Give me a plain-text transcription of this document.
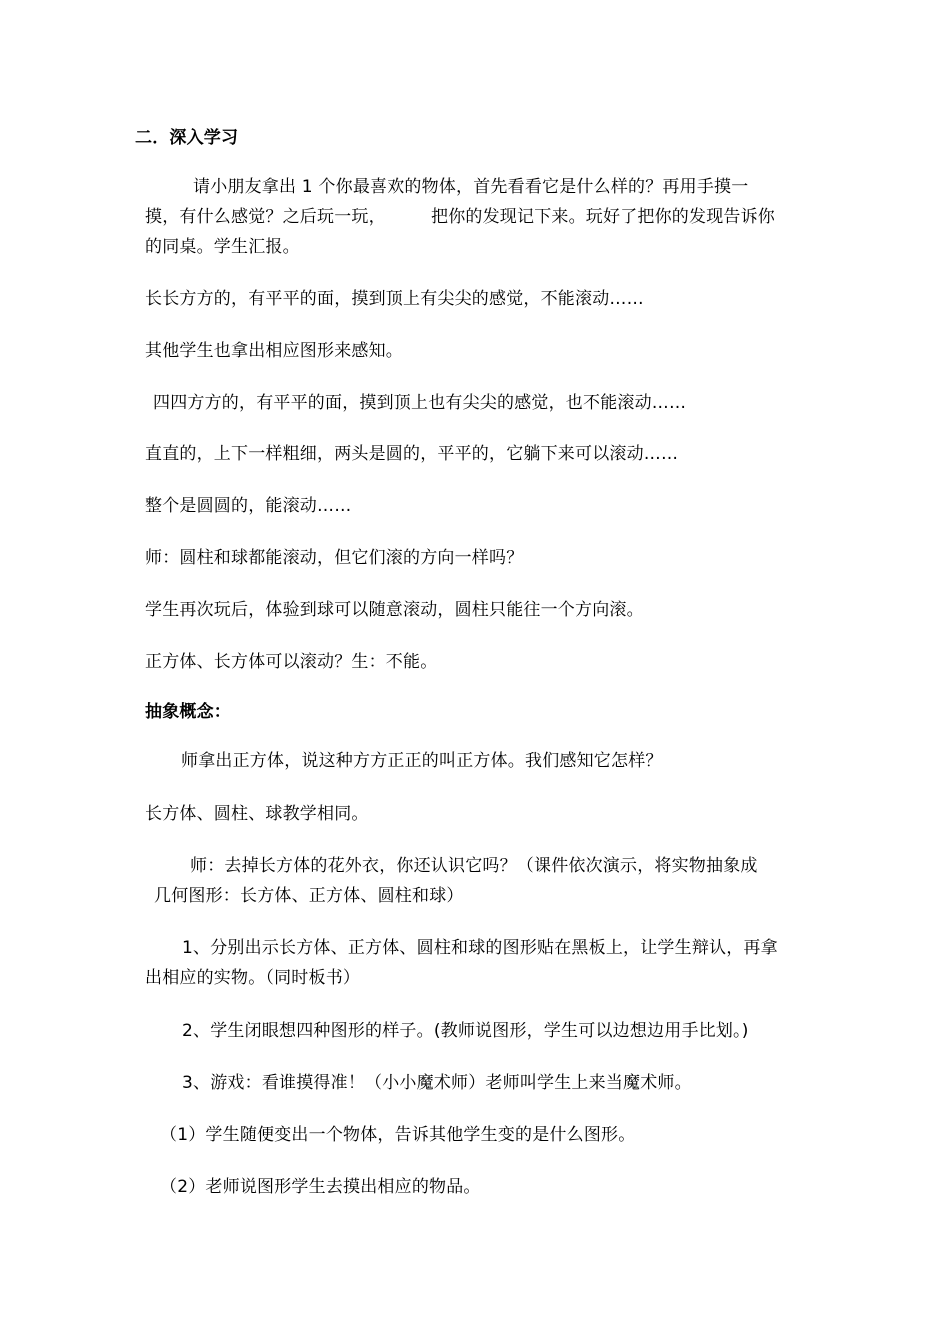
二．深入学习
请小朋友拿出 1 个你最喜欢的物体，首先看看它是什么样的？再用手摸一
摸，有什么感觉？之后玩一玩，	把你的发现记下来。玩好了把你的发现告诉你
的同桌。学生汇报。
长长方方的，有平平的面，摸到顶上有尖尖的感觉，不能滚动……
其他学生也拿出相应图形来感知。
四四方方的，有平平的面，摸到顶上也有尖尖的感觉，也不能滚动……
直直的，上下一样粗细，两头是圆的，平平的，它躺下来可以滚动……
整个是圆圆的，能滚动……
师：圆柱和球都能滚动，但它们滚的方向一样吗？
学生再次玩后，体验到球可以随意滚动，圆柱只能往一个方向滚。
正方体、长方体可以滚动？生：不能。
抽象概念：
师拿出正方体，说这种方方正正的叫正方体。我们感知它怎样？
长方体、圆柱、球教学相同。
师：去掉长方体的花外衣，你还认识它吗？（课件依次演示，将实物抽象成
几何图形：长方体、正方体、圆柱和球）
1、分别出示长方体、正方体、圆柱和球的图形贴在黑板上，让学生辩认，再拿
出相应的实物。（同时板书）
2、学生闭眼想四种图形的样子。(教师说图形，学生可以边想边用手比划。)
3、游戏：看谁摸得准！（小小魔术师）老师叫学生上来当魔术师。
（1）学生随便变出一个物体，告诉其他学生变的是什么图形。
（2）老师说图形学生去摸出相应的物品。
